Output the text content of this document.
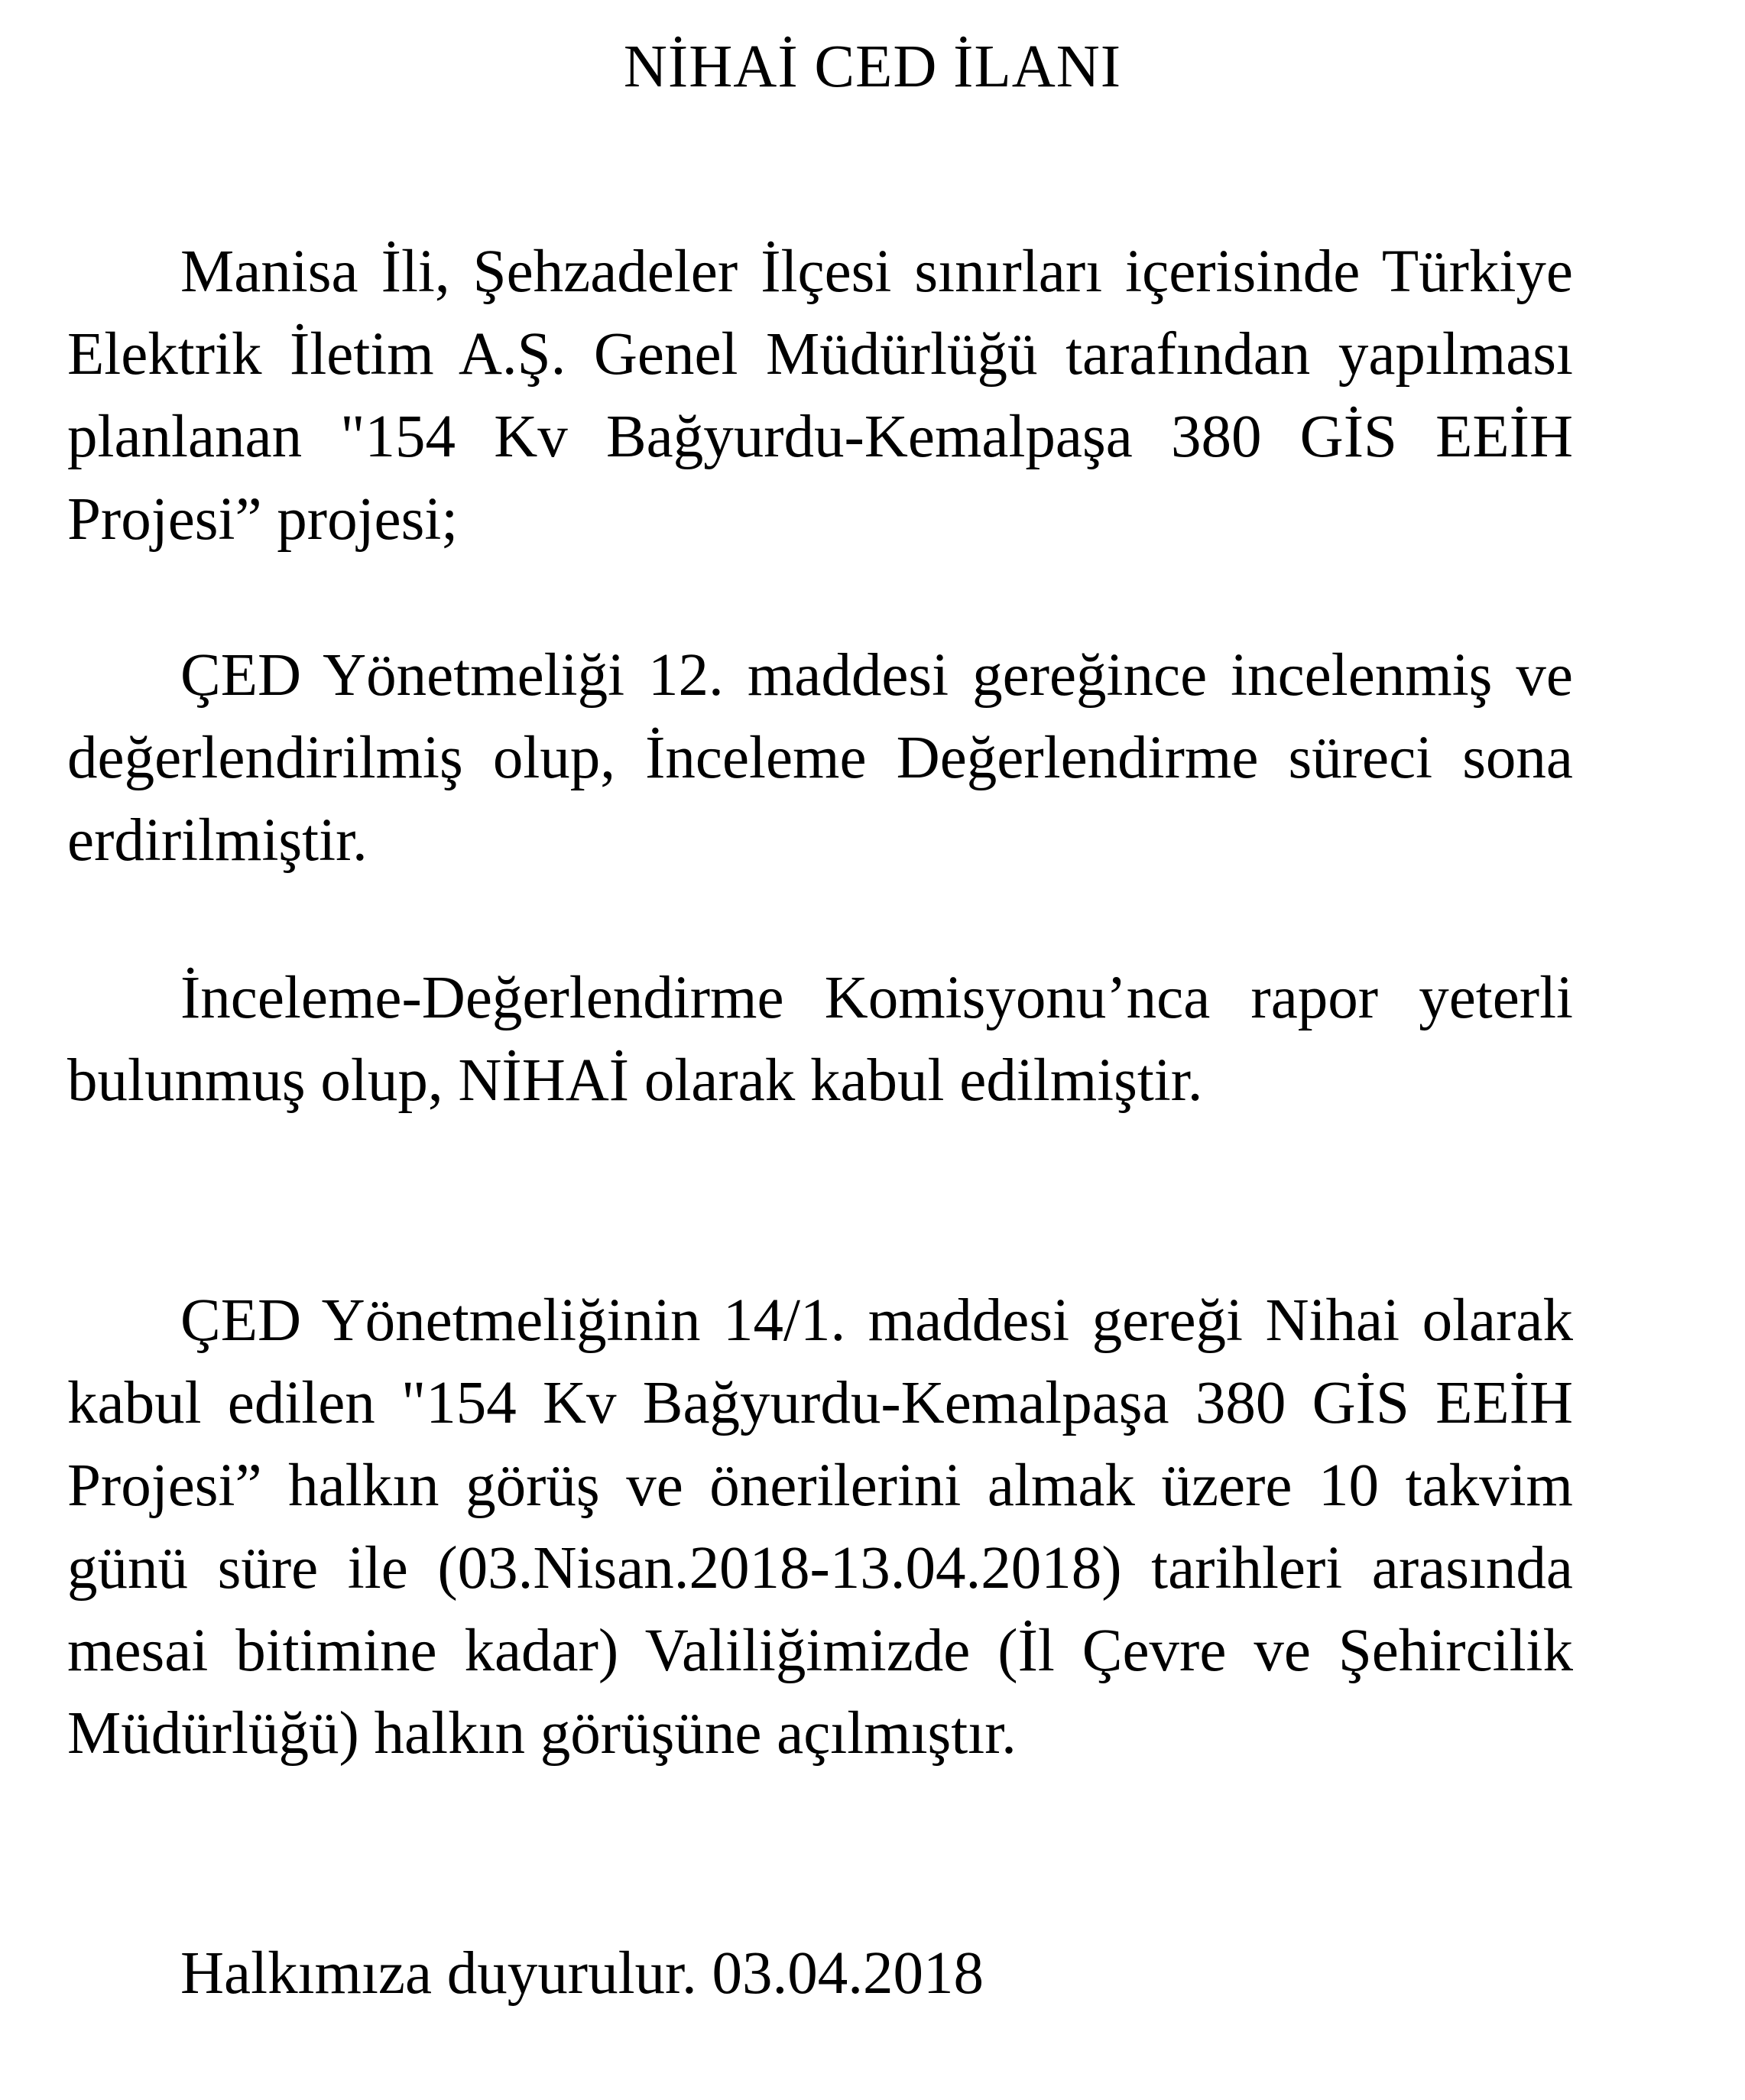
NİHAİ CED İLANI

Manisa İli, Şehzadeler İlçesi sınırları içerisinde Türkiye Elektrik İletim A.Ş. Genel Müdürlüğü tarafından yapılması planlanan "154 Kv Bağyurdu-Kemalpaşa 380 GİS EEİH Projesi” projesi;

ÇED Yönetmeliği 12. maddesi gereğince incelenmiş ve değerlendirilmiş olup, İnceleme Değerlendirme süreci sona erdirilmiştir.

İnceleme-Değerlendirme Komisyonu’nca rapor yeterli bulunmuş olup, NİHAİ olarak kabul edilmiştir.

ÇED Yönetmeliğinin 14/1. maddesi gereği Nihai olarak kabul edilen "154 Kv Bağyurdu-Kemalpaşa 380 GİS EEİH Projesi” halkın görüş ve önerilerini almak üzere 10 takvim günü süre ile (03.Nisan.2018-13.04.2018) tarihleri arasında mesai bitimine kadar) Valiliğimizde (İl Çevre ve Şehircilik Müdürlüğü) halkın görüşüne açılmıştır.

Halkımıza duyurulur. 03.04.2018
